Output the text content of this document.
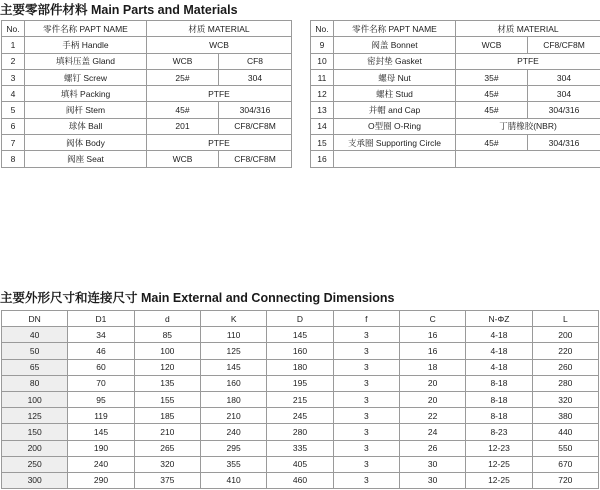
主要零部件材料 Main Parts and Materials
No.	零件名称 PAPT NAME	材质 MATERIAL	
1	手柄 Handle	WCB	
2	填料压盖 Gland	WCB	CF8
3	螺钉 Screw	25#	304
4	填料 Packing	PTFE	
5	阀杆 Stem	45#	304/316
6	球体 Ball	201	CF8/CF8M
7	阀体 Body	PTFE	
8	阀座 Seat	WCB	CF8/CF8M
No.	零件名称 PAPT NAME	材质 MATERIAL	
9	阀盖 Bonnet	WCB	CF8/CF8M
10	密封垫 Gasket	PTFE	
11	螺母 Nut	35#	304
12	螺柱 Stud	45#	304
13	并帽 and Cap	45#	304/316
14	O型圈 O-Ring	丁腈橡胶(NBR)	
15	支承圈 Supporting Circle	45#	304/316
16			
主要外形尺寸和连接尺寸 Main External and Connecting Dimensions
DN	D1	d	K	D	f	C	N-ΦZ	L
40	34	85	110	145	3	16	4-18	200
50	46	100	125	160	3	16	4-18	220
65	60	120	145	180	3	18	4-18	260
80	70	135	160	195	3	20	8-18	280
100	95	155	180	215	3	20	8-18	320
125	119	185	210	245	3	22	8-18	380
150	145	210	240	280	3	24	8-23	440
200	190	265	295	335	3	26	12-23	550
250	240	320	355	405	3	30	12-25	670
300	290	375	410	460	3	30	12-25	720
